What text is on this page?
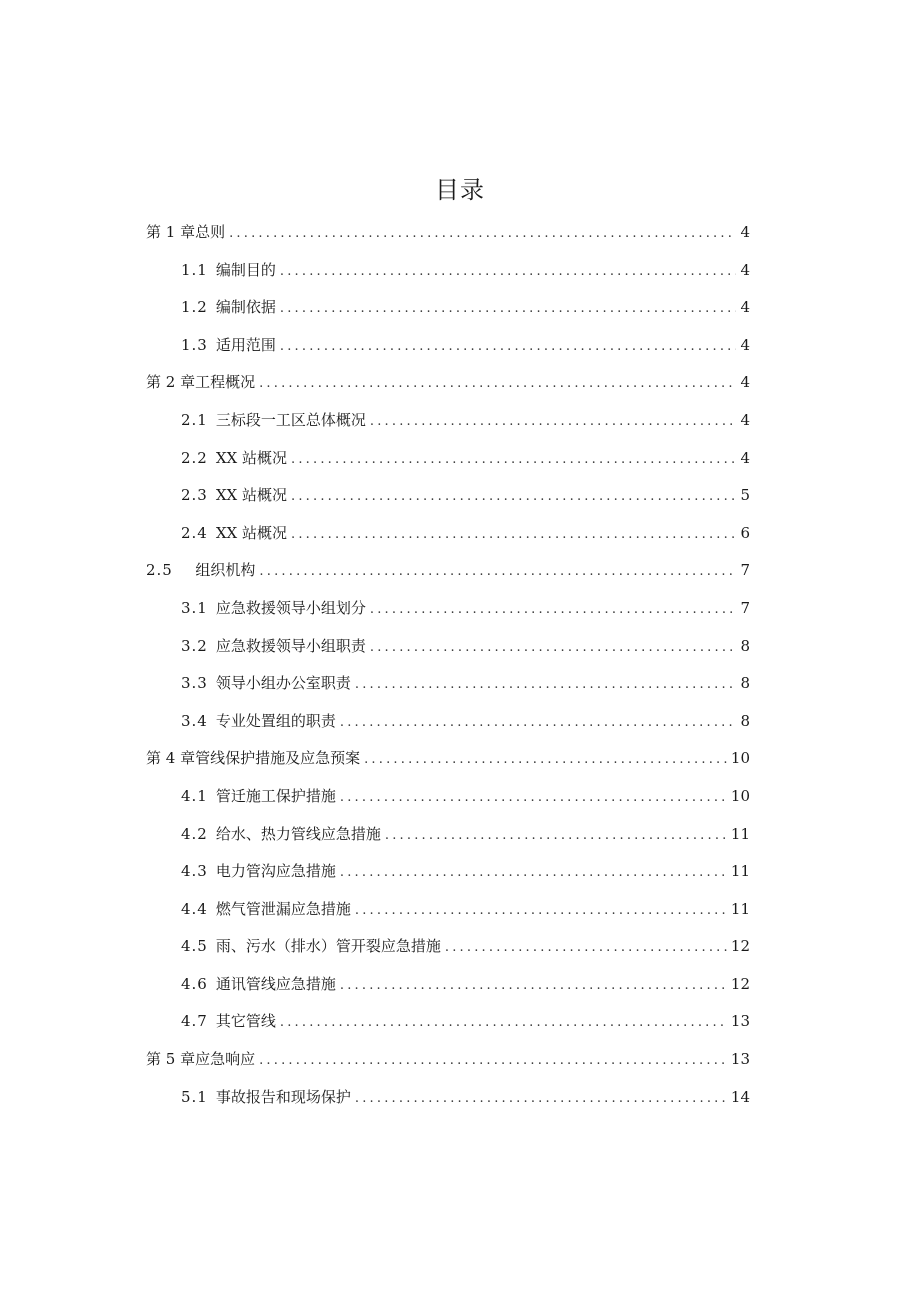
目录
第 1 章总则 .....	4
1.1 编制目的 .....	4
1.2 编制依据 .....	4
1.3 适用范围 .....	4
第 2 章工程概况 .....	4
2.1 三标段一工区总体概况 .....	4
2.2 XX 站概况 .....	4
2.3 XX 站概况 .....	5
2.4 XX 站概况 .....	6
2.5	组织机构 .....	7
3.1 应急救援领导小组划分 .....	7
3.2 应急救援领导小组职责 .....	8
3.3 领导小组办公室职责 .....	8
3.4 专业处置组的职责 .....	8
第 4 章管线保护措施及应急预案 .....	10
4.1 管迁施工保护措施 .....	10
4.2 给水、热力管线应急措施 .....	11
4.3 电力管沟应急措施 .....	11
4.4 燃气管泄漏应急措施 .....	11
4.5 雨、污水（排水）管开裂应急措施 .....	12
4.6 通讯管线应急措施 .....	12
4.7 其它管线 .....	13
第 5 章应急响应 .....	13
5.1 事故报告和现场保护 .....	14
